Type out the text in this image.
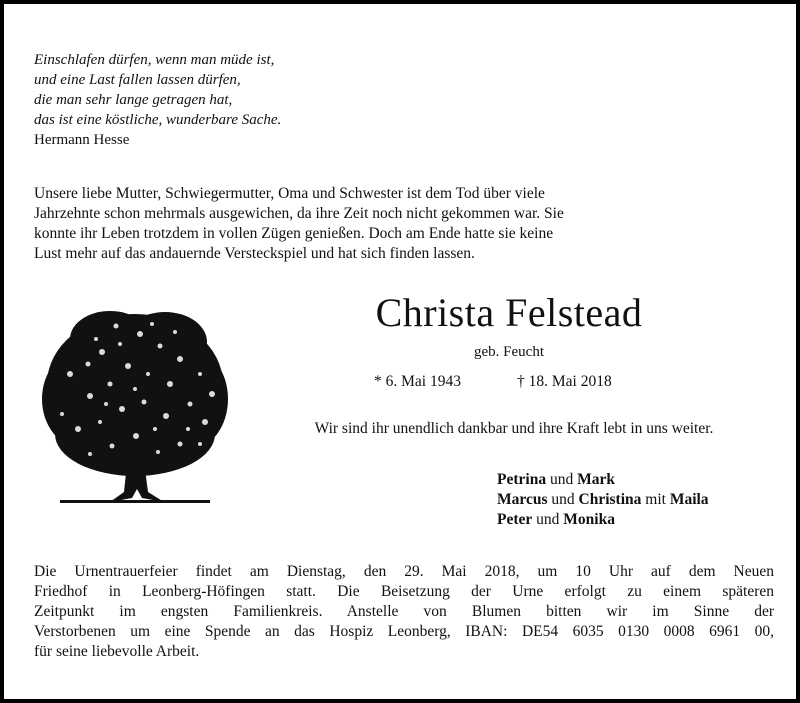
Einschlafen dürfen, wenn man müde ist,
und eine Last fallen lassen dürfen,
die man sehr lange getragen hat,
das ist eine köstliche, wunderbare Sache.
Hermann Hesse
Unsere liebe Mutter, Schwiegermutter, Oma und Schwester ist dem Tod über viele
Jahrzehnte schon mehrmals ausgewichen, da ihre Zeit noch nicht gekommen war. Sie
konnte ihr Leben trotzdem in vollen Zügen genießen. Doch am Ende hatte sie keine
Lust mehr auf das andauernde Versteckspiel und hat sich finden lassen.
Christa Felstead
geb. Feucht
* 6. Mai 1943	† 18. Mai 2018
Wir sind ihr unendlich dankbar und ihre Kraft lebt in uns weiter.
Petrina und Mark
Marcus und Christina mit Maila
Peter und Monika
Die Urnentrauerfeier findet am Dienstag, den 29. Mai 2018, um 10 Uhr auf dem Neuen
Friedhof in Leonberg-Höfingen statt. Die Beisetzung der Urne erfolgt zu einem späteren
Zeitpunkt im engsten Familienkreis. Anstelle von Blumen bitten wir im Sinne der
Verstorbenen um eine Spende an das Hospiz Leonberg, IBAN: DE54 6035 0130 0008 6961 00,
für seine liebevolle Arbeit.
